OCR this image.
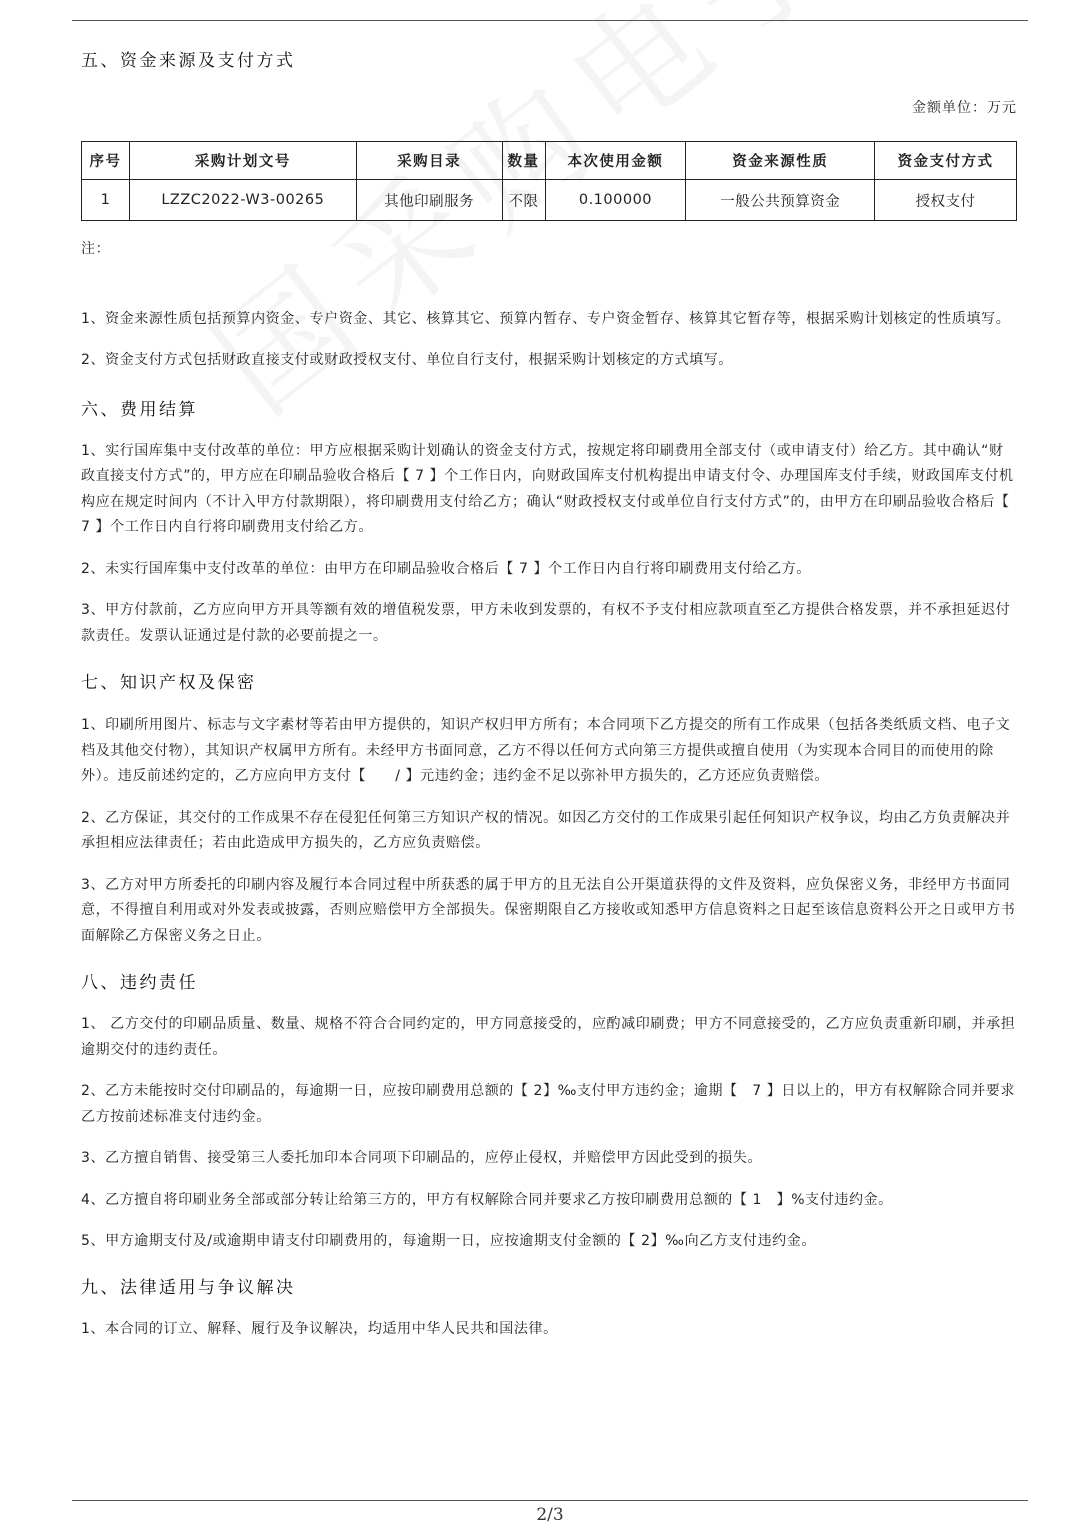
五、资金来源及支付方式
金额单位：万元
序号	采购计划文号	采购目录	数量	本次使用金额	资金来源性质	资金支付方式
1	LZZC2022-W3-00265	其他印刷服务	不限	0.100000	一般公共预算资金	授权支付

注：

1、资金来源性质包括预算内资金、专户资金、其它、核算其它、预算内暂存、专户资金暂存、核算其它暂存等，根据采购计划核定的性质填写。

2、资金支付方式包括财政直接支付或财政授权支付、单位自行支付，根据采购计划核定的方式填写。

六、费用结算

1、实行国库集中支付改革的单位：甲方应根据采购计划确认的资金支付方式，按规定将印刷费用全部支付（或申请支付）给乙方。其中确认“财政直接支付方式”的，甲方应在印刷品验收合格后【 7 】个工作日内，向财政国库支付机构提出申请支付令、办理国库支付手续，财政国库支付机构应在规定时间内（不计入甲方付款期限），将印刷费用支付给乙方；确认“财政授权支付或单位自行支付方式”的，由甲方在印刷品验收合格后【 7 】个工作日内自行将印刷费用支付给乙方。

2、未实行国库集中支付改革的单位：由甲方在印刷品验收合格后【 7 】个工作日内自行将印刷费用支付给乙方。

3、甲方付款前，乙方应向甲方开具等额有效的增值税发票，甲方未收到发票的，有权不予支付相应款项直至乙方提供合格发票，并不承担延迟付款责任。发票认证通过是付款的必要前提之一。

七、知识产权及保密

1、印刷所用图片、标志与文字素材等若由甲方提供的，知识产权归甲方所有；本合同项下乙方提交的所有工作成果（包括各类纸质文档、电子文档及其他交付物），其知识产权属甲方所有。未经甲方书面同意，乙方不得以任何方式向第三方提供或擅自使用（为实现本合同目的而使用的除外）。违反前述约定的，乙方应向甲方支付【　　/ 】元违约金；违约金不足以弥补甲方损失的，乙方还应负责赔偿。

2、乙方保证，其交付的工作成果不存在侵犯任何第三方知识产权的情况。如因乙方交付的工作成果引起任何知识产权争议，均由乙方负责解决并承担相应法律责任；若由此造成甲方损失的，乙方应负责赔偿。

3、乙方对甲方所委托的印刷内容及履行本合同过程中所获悉的属于甲方的且无法自公开渠道获得的文件及资料，应负保密义务，非经甲方书面同意，不得擅自利用或对外发表或披露，否则应赔偿甲方全部损失。保密期限自乙方接收或知悉甲方信息资料之日起至该信息资料公开之日或甲方书面解除乙方保密义务之日止。

八、违约责任

1、 乙方交付的印刷品质量、数量、规格不符合合同约定的，甲方同意接受的，应酌减印刷费；甲方不同意接受的，乙方应负责重新印刷，并承担逾期交付的违约责任。

2、乙方未能按时交付印刷品的，每逾期一日，应按印刷费用总额的【 2】‰支付甲方违约金；逾期【　7 】日以上的，甲方有权解除合同并要求乙方按前述标准支付违约金。

3、乙方擅自销售、接受第三人委托加印本合同项下印刷品的，应停止侵权，并赔偿甲方因此受到的损失。

4、乙方擅自将印刷业务全部或部分转让给第三方的，甲方有权解除合同并要求乙方按印刷费用总额的【 1　】%支付违约金。

5、甲方逾期支付及/或逾期申请支付印刷费用的，每逾期一日，应按逾期支付金额的【 2】‰向乙方支付违约金。

九、法律适用与争议解决

1、本合同的订立、解释、履行及争议解决，均适用中华人民共和国法律。

2/3
